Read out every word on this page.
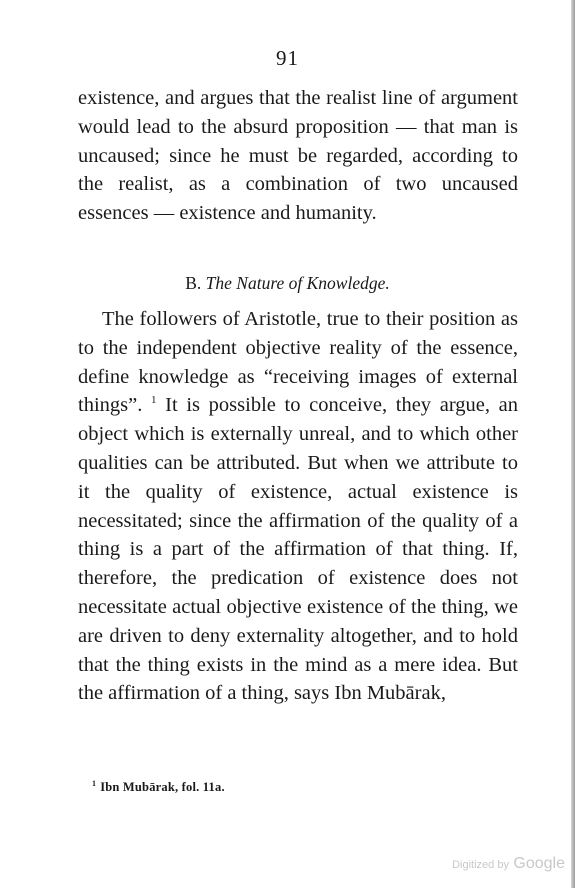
91

existence, and argues that the realist line of argument would lead to the absurd proposition — that man is uncaused; since he must be regarded, according to the realist, as a combination of two uncaused essences — existence and humanity.

B. The Nature of Knowledge.

The followers of Aristotle, true to their position as to the independent objective reality of the essence, define knowledge as “receiving images of external things”. $^1$ It is possible to conceive, they argue, an object which is externally unreal, and to which other qualities can be attributed. But when we attribute to it the quality of existence, actual existence is necessitated; since the affirmation of the quality of a thing is a part of the affirmation of that thing. If, therefore, the predication of existence does not necessitate actual objective existence of the thing, we are driven to deny externality altogether, and to hold that the thing exists in the mind as a mere idea. But the affirmation of a thing, says Ibn Mubārak,

$^1$ Ibn Mubārak, fol. 11a.
Digitized by Google
